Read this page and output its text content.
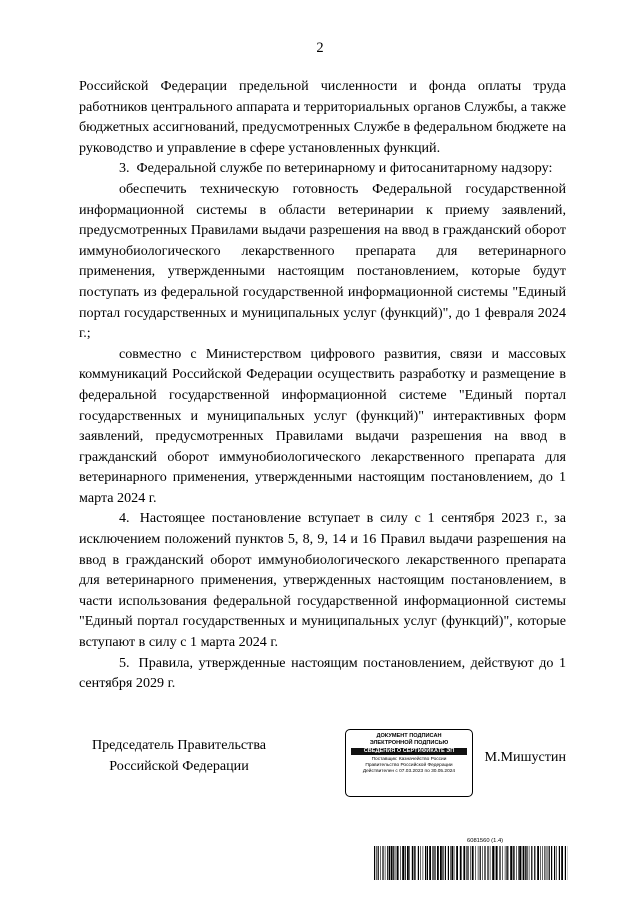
2

Российской Федерации предельной численности и фонда оплаты труда работников центрального аппарата и территориальных органов Службы, а также бюджетных ассигнований, предусмотренных Службе в федеральном бюджете на руководство и управление в сфере установленных функций.

3. Федеральной службе по ветеринарному и фитосанитарному надзору:

обеспечить техническую готовность Федеральной государственной информационной системы в области ветеринарии к приему заявлений, предусмотренных Правилами выдачи разрешения на ввод в гражданский оборот иммунобиологического лекарственного препарата для ветеринарного применения, утвержденными настоящим постановлением, которые будут поступать из федеральной государственной информационной системы "Единый портал государственных и муниципальных услуг (функций)", до 1 февраля 2024 г.;

совместно с Министерством цифрового развития, связи и массовых коммуникаций Российской Федерации осуществить разработку и размещение в федеральной государственной информационной системе "Единый портал государственных и муниципальных услуг (функций)" интерактивных форм заявлений, предусмотренных Правилами выдачи разрешения на ввод в гражданский оборот иммунобиологического лекарственного препарата для ветеринарного применения, утвержденными настоящим постановлением, до 1 марта 2024 г.

4. Настоящее постановление вступает в силу с 1 сентября 2023 г., за исключением положений пунктов 5, 8, 9, 14 и 16 Правил выдачи разрешения на ввод в гражданский оборот иммунобиологического лекарственного препарата для ветеринарного применения, утвержденных настоящим постановлением, в части использования федеральной государственной информационной системы "Единый портал государственных и муниципальных услуг (функций)", которые вступают в силу с 1 марта 2024 г.

5. Правила, утвержденные настоящим постановлением, действуют до 1 сентября 2029 г.

Председатель Правительства
Российской Федерации
ДОКУМЕНТ ПОДПИСАН
ЭЛЕКТРОННОЙ ПОДПИСЬЮ
СВЕДЕНИЯ О СЕРТИФИКАТЕ ЭП
Поставщик: Казначейство России
Правительство Российской Федерации
Действителен с 07.03.2023 по 30.05.2024
М.Мишустин
6081560 (1.4)
